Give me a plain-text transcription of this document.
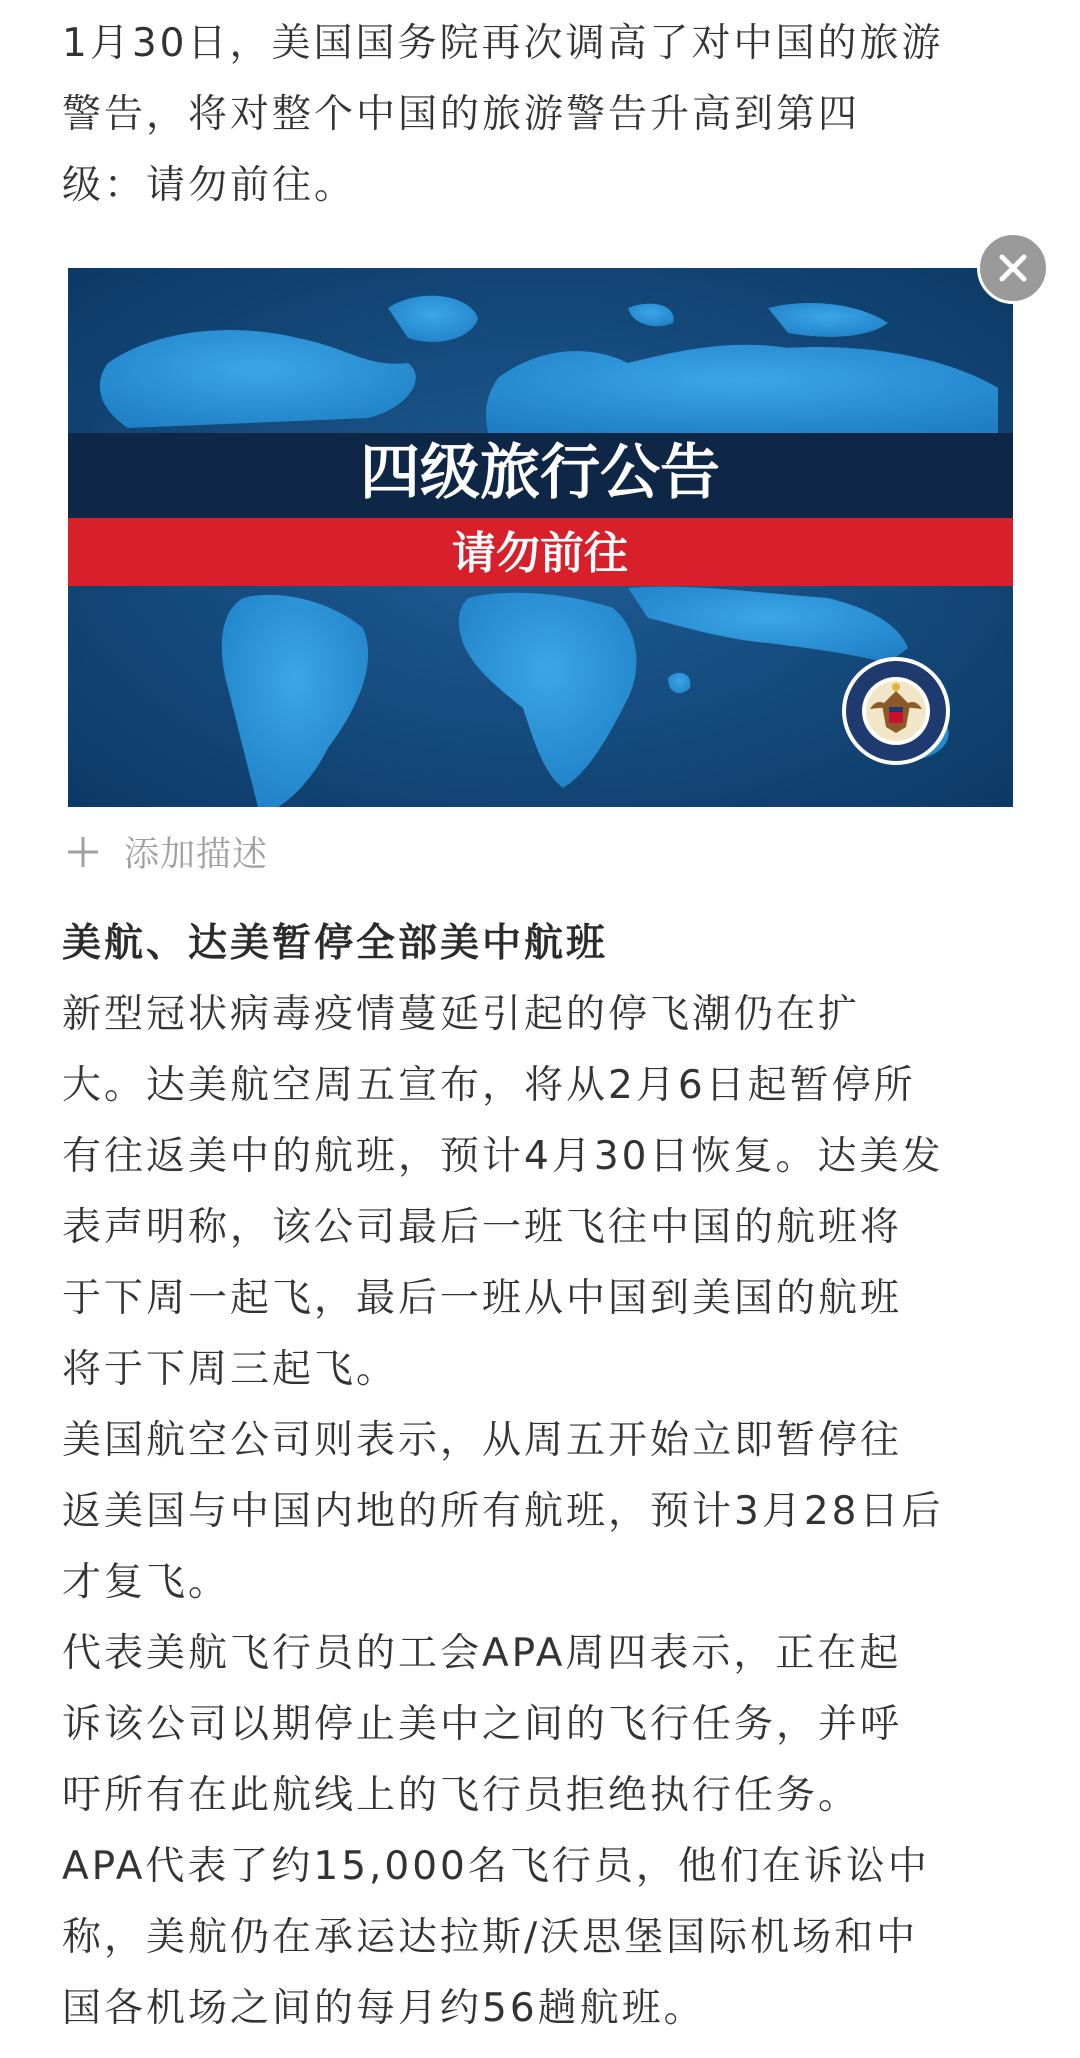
1月30日，美国国务院再次调高了对中国的旅游
警告，将对整个中国的旅游警告升高到第四
级：请勿前往。
四级旅行公告
请勿前往
添加描述
美航、达美暂停全部美中航班
新型冠状病毒疫情蔓延引起的停飞潮仍在扩
大。达美航空周五宣布，将从2月6日起暂停所
有往返美中的航班，预计4月30日恢复。达美发
表声明称，该公司最后一班飞往中国的航班将
于下周一起飞，最后一班从中国到美国的航班
将于下周三起飞。
美国航空公司则表示，从周五开始立即暂停往
返美国与中国内地的所有航班，预计3月28日后
才复飞。
代表美航飞行员的工会APA周四表示，正在起
诉该公司以期停止美中之间的飞行任务，并呼
吁所有在此航线上的飞行员拒绝执行任务。
APA代表了约15,000名飞行员，他们在诉讼中
称，美航仍在承运达拉斯/沃思堡国际机场和中
国各机场之间的每月约56趟航班。
